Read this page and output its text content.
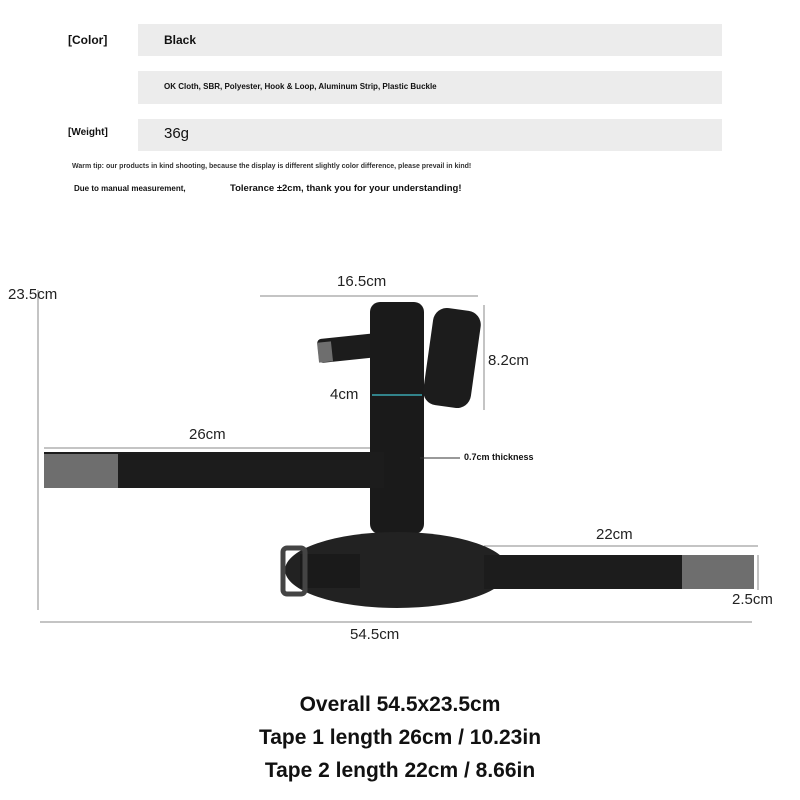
[Color]	Black
OK Cloth, SBR, Polyester, Hook & Loop, Aluminum Strip, Plastic Buckle
[Weight]	36g
Warm tip: our products in kind shooting, because the display is different slightly color difference, please prevail in kind!
Due to manual measurement,	Tolerance ±2cm, thank you for your understanding!
23.5cm
16.5cm
8.2cm
4cm
26cm
0.7cm thickness
22cm
2.5cm
54.5cm
Overall 54.5x23.5cm
Tape 1 length 26cm / 10.23in
Tape 2 length 22cm / 8.66in
